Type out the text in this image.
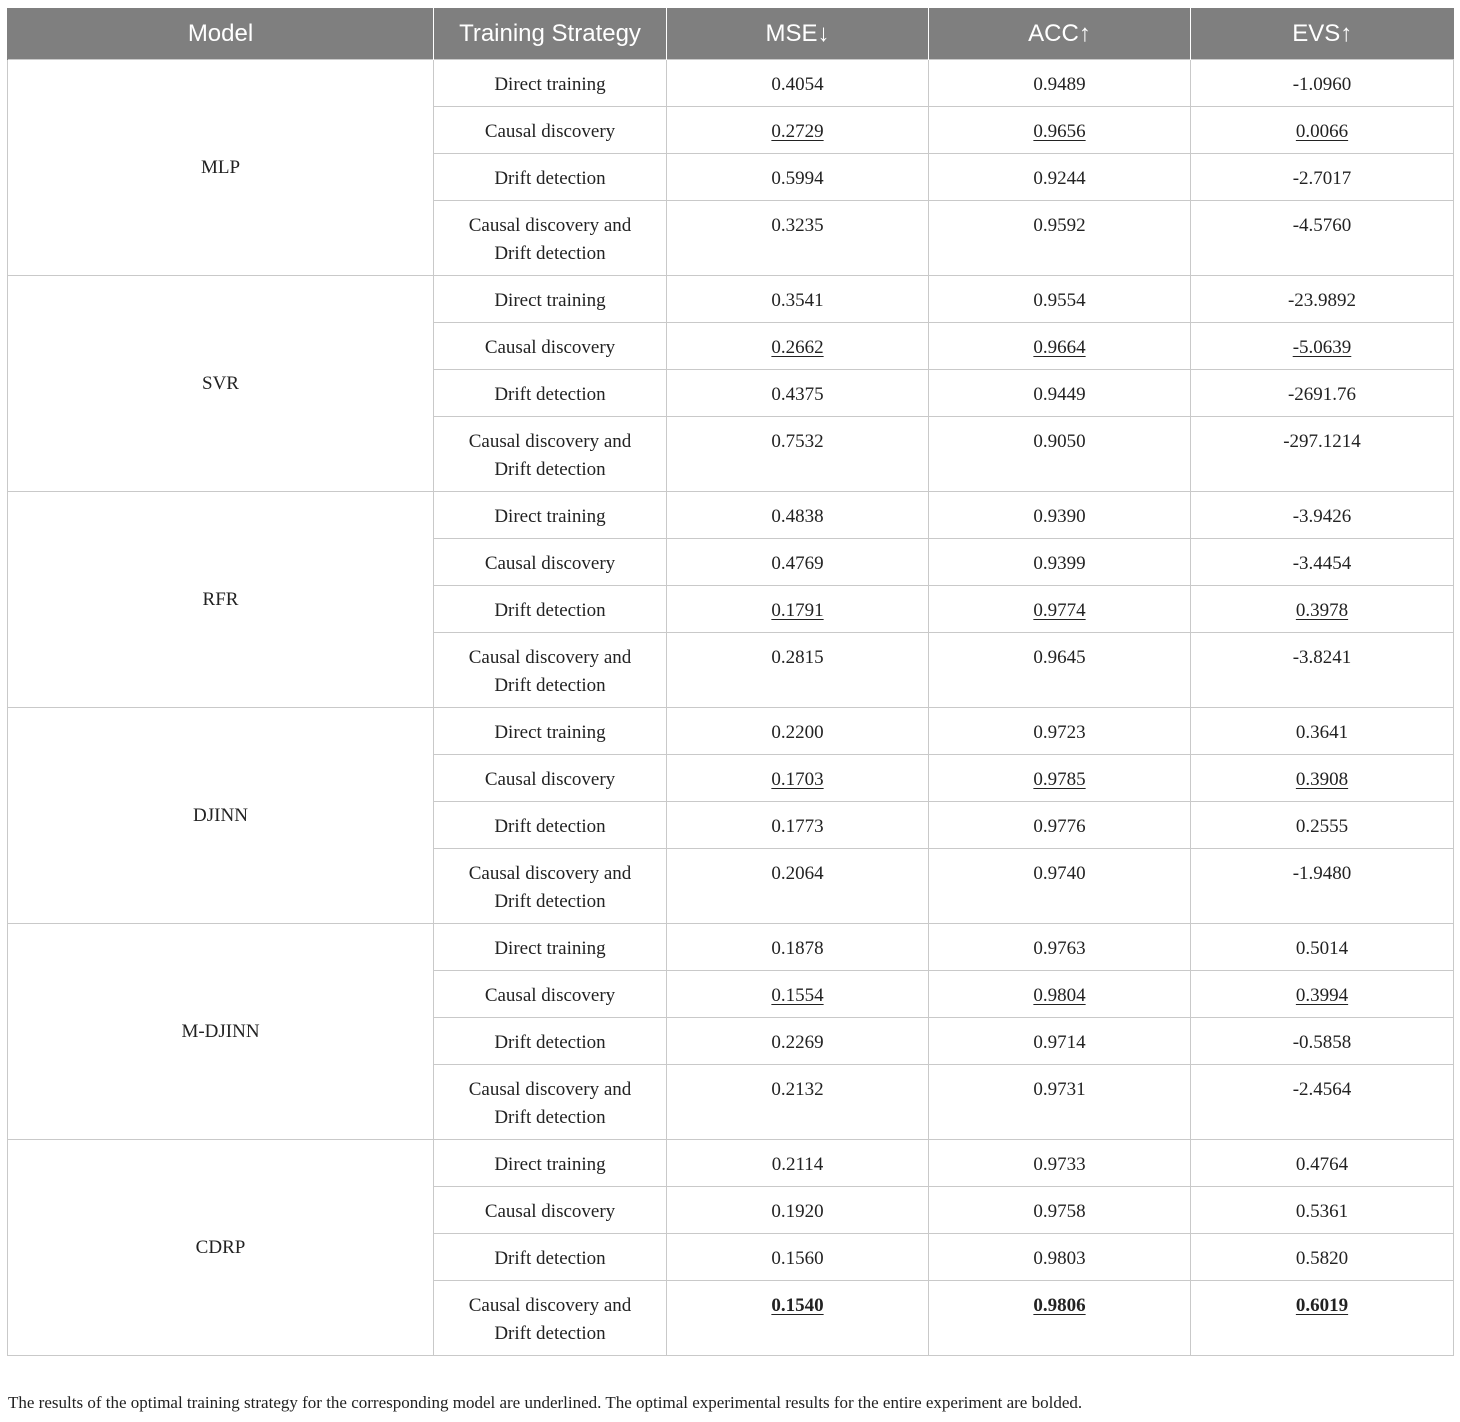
Model	Training Strategy	MSE↓	ACC↑	EVS↑
MLP	Direct training	0.4054	0.9489	-1.0960
	Causal discovery	0.2729	0.9656	0.0066
	Drift detection	0.5994	0.9244	-2.7017
	Causal discovery and Drift detection	0.3235	0.9592	-4.5760
SVR	Direct training	0.3541	0.9554	-23.9892
	Causal discovery	0.2662	0.9664	-5.0639
	Drift detection	0.4375	0.9449	-2691.76
	Causal discovery and Drift detection	0.7532	0.9050	-297.1214
RFR	Direct training	0.4838	0.9390	-3.9426
	Causal discovery	0.4769	0.9399	-3.4454
	Drift detection	0.1791	0.9774	0.3978
	Causal discovery and Drift detection	0.2815	0.9645	-3.8241
DJINN	Direct training	0.2200	0.9723	0.3641
	Causal discovery	0.1703	0.9785	0.3908
	Drift detection	0.1773	0.9776	0.2555
	Causal discovery and Drift detection	0.2064	0.9740	-1.9480
M-DJINN	Direct training	0.1878	0.9763	0.5014
	Causal discovery	0.1554	0.9804	0.3994
	Drift detection	0.2269	0.9714	-0.5858
	Causal discovery and Drift detection	0.2132	0.9731	-2.4564
CDRP	Direct training	0.2114	0.9733	0.4764
	Causal discovery	0.1920	0.9758	0.5361
	Drift detection	0.1560	0.9803	0.5820
	Causal discovery and Drift detection	0.1540	0.9806	0.6019
The results of the optimal training strategy for the corresponding model are underlined. The optimal experimental results for the entire experiment are bolded.
